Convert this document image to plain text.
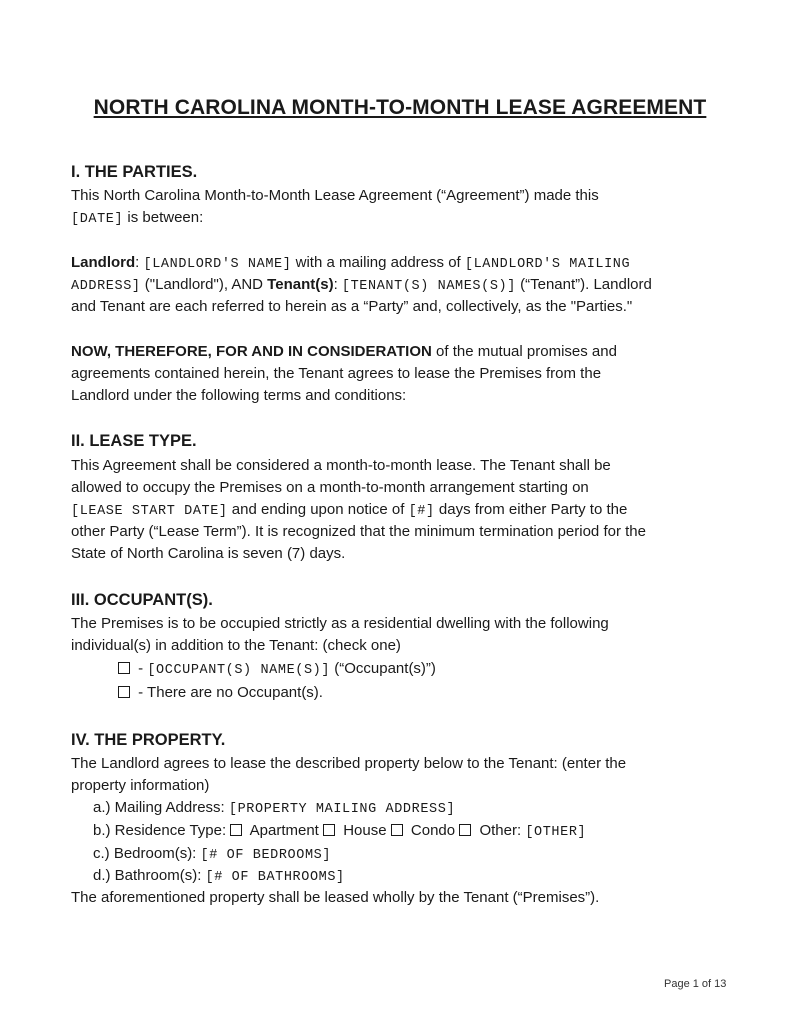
NORTH CAROLINA MONTH-TO-MONTH LEASE AGREEMENT
I. THE PARTIES.
This North Carolina Month-to-Month Lease Agreement (“Agreement”) made this
[DATE] is between:
Landlord: [LANDLORD'S NAME] with a mailing address of [LANDLORD'S MAILING
ADDRESS] ("Landlord"), AND Tenant(s): [TENANT(S) NAMES(S)] (“Tenant”). Landlord
and Tenant are each referred to herein as a “Party” and, collectively, as the "Parties."
NOW, THEREFORE, FOR AND IN CONSIDERATION of the mutual promises and
agreements contained herein, the Tenant agrees to lease the Premises from the
Landlord under the following terms and conditions:
II. LEASE TYPE.
This Agreement shall be considered a month-to-month lease. The Tenant shall be
allowed to occupy the Premises on a month-to-month arrangement starting on
[LEASE START DATE] and ending upon notice of [#] days from either Party to the
other Party (“Lease Term”). It is recognized that the minimum termination period for the
State of North Carolina is seven (7) days.
III. OCCUPANT(S).
The Premises is to be occupied strictly as a residential dwelling with the following
individual(s) in addition to the Tenant: (check one)
- [OCCUPANT(S) NAME(S)] (“Occupant(s)”)
- There are no Occupant(s).
IV. THE PROPERTY.
The Landlord agrees to lease the described property below to the Tenant: (enter the
property information)
a.) Mailing Address: [PROPERTY MAILING ADDRESS]
b.) Residence Type:  Apartment  House  Condo  Other: [OTHER]
c.) Bedroom(s): [# OF BEDROOMS]
d.) Bathroom(s): [# OF BATHROOMS]
The aforementioned property shall be leased wholly by the Tenant (“Premises”).
Page 1 of 13
